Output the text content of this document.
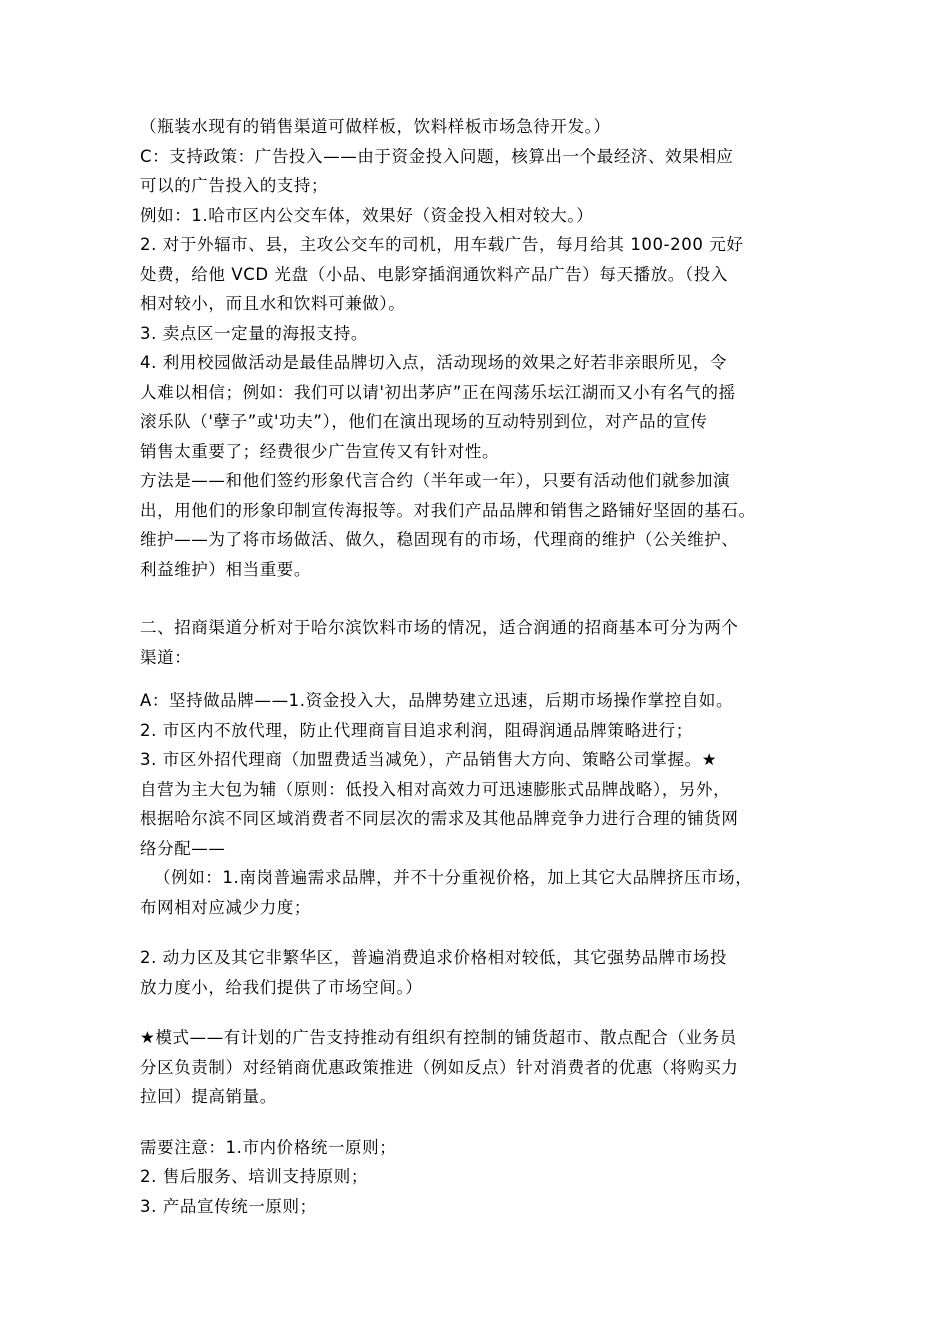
（瓶装水现有的销售渠道可做样板，饮料样板市场急待开发。）
C：支持政策：广告投入——由于资金投入问题，核算出一个最经济、效果相应
可以的广告投入的支持；
例如：1.哈市区内公交车体，效果好（资金投入相对较大。）
2. 对于外辐市、县，主攻公交车的司机，用车载广告，每月给其 100-200 元好
处费，给他 VCD 光盘（小品、电影穿插润通饮料产品广告）每天播放。（投入
相对较小，而且水和饮料可兼做）。
3. 卖点区一定量的海报支持。
4. 利用校园做活动是最佳品牌切入点，活动现场的效果之好若非亲眼所见，令
人难以相信；例如：我们可以请'初出茅庐”正在闯荡乐坛江湖而又小有名气的摇
滚乐队（'孽子”或'功夫”），他们在演出现场的互动特别到位，对产品的宣传
销售太重要了；经费很少广告宣传又有针对性。
方法是——和他们签约形象代言合约（半年或一年），只要有活动他们就参加演
出，用他们的形象印制宣传海报等。对我们产品品牌和销售之路铺好坚固的基石。
维护——为了将市场做活、做久，稳固现有的市场，代理商的维护（公关维护、
利益维护）相当重要。
二、招商渠道分析对于哈尔滨饮料市场的情况，适合润通的招商基本可分为两个
渠道：
A：坚持做品牌——1.资金投入大，品牌势建立迅速，后期市场操作掌控自如。
2. 市区内不放代理，防止代理商盲目追求利润，阻碍润通品牌策略进行；
3. 市区外招代理商（加盟费适当减免），产品销售大方向、策略公司掌握。★
自营为主大包为辅（原则：低投入相对高效力可迅速膨胀式品牌战略），另外，
根据哈尔滨不同区域消费者不同层次的需求及其他品牌竞争力进行合理的铺货网
络分配——
（例如：1.南岗普遍需求品牌，并不十分重视价格，加上其它大品牌挤压市场，
布网相对应减少力度；
2. 动力区及其它非繁华区，普遍消费追求价格相对较低，其它强势品牌市场投
放力度小，给我们提供了市场空间。）
★模式——有计划的广告支持推动有组织有控制的铺货超市、散点配合（业务员
分区负责制）对经销商优惠政策推进（例如反点）针对消费者的优惠（将购买力
拉回）提高销量。
需要注意：1.市内价格统一原则；
2. 售后服务、培训支持原则；
3. 产品宣传统一原则；
